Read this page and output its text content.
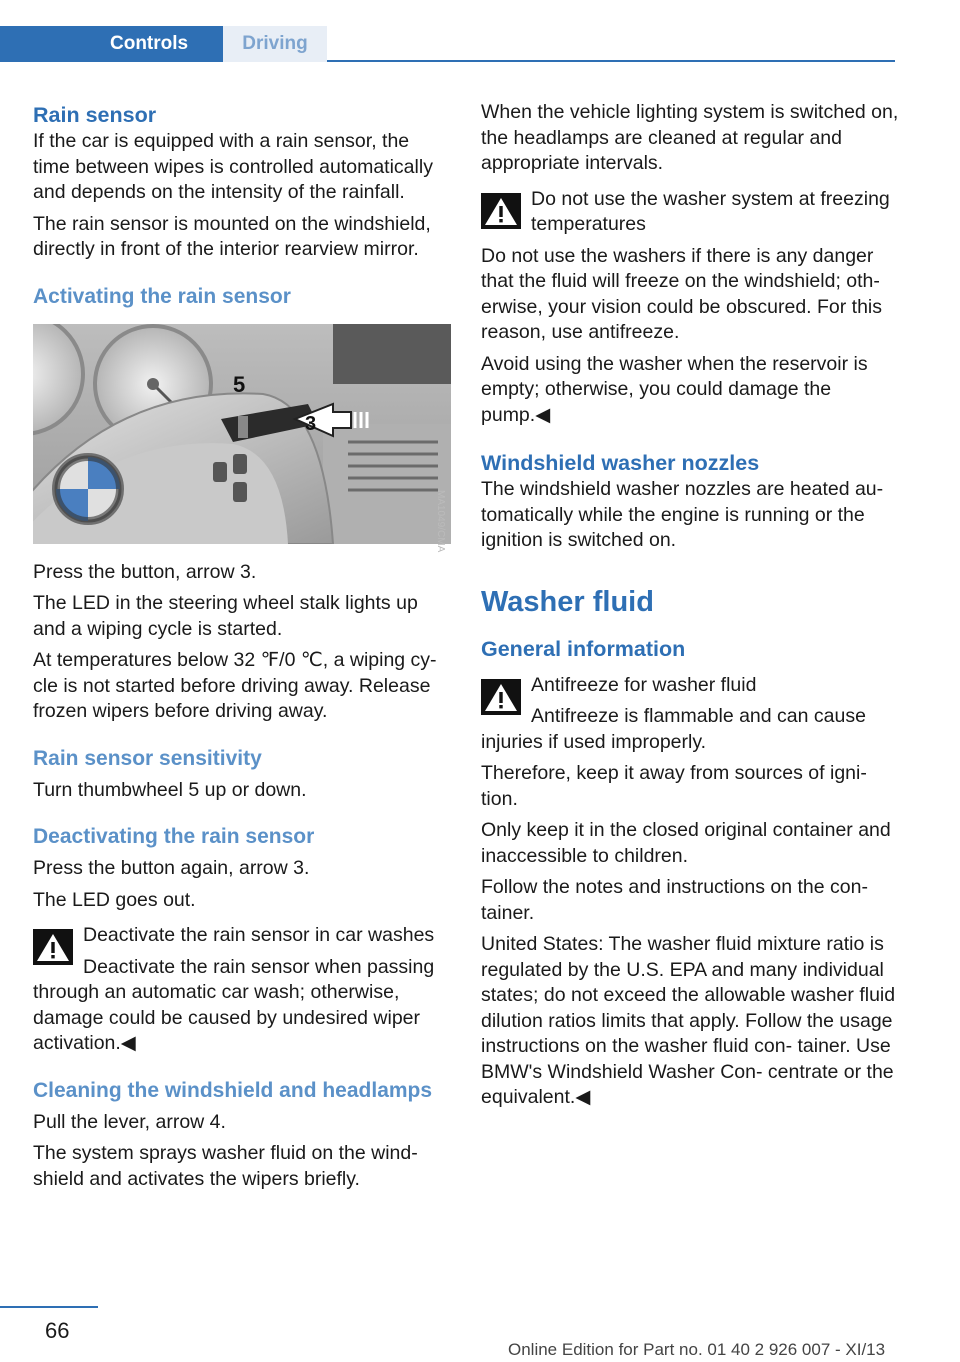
Controls	Driving
Rain sensor

If the car is equipped with a rain sensor, the time between wipes is controlled automatically and depends on the intensity of the rainfall.

The rain sensor is mounted on the windshield, directly in front of the interior rearview mirror.

Activating the rain sensor
5
3

Press the button, arrow 3.

The LED in the steering wheel stalk lights up and a wiping cycle is started.

At temperatures below 32 ℉/0 ℃, a wiping cy‐ cle is not started before driving away. Release frozen wipers before driving away.

Rain sensor sensitivity

Turn thumbwheel 5 up or down.

Deactivating the rain sensor

Press the button again, arrow 3.

The LED goes out.

Deactivate the rain sensor in car washes
Deactivate the rain sensor when passing through an automatic car wash; otherwise, damage could be caused by undesired wiper activation.◀
Cleaning the windshield and headlamps

Pull the lever, arrow 4.

The system sprays washer fluid on the wind‐ shield and activates the wipers briefly.

MA1049/CMA

When the vehicle lighting system is switched on, the headlamps are cleaned at regular and appropriate intervals.

Do not use the washer system at freezing temperatures

Do not use the washers if there is any danger that the fluid will freeze on the windshield; oth‐ erwise, your vision could be obscured. For this reason, use antifreeze.

Avoid using the washer when the reservoir is empty; otherwise, you could damage the pump.◀

Windshield washer nozzles

The windshield washer nozzles are heated au‐ tomatically while the engine is running or the ignition is switched on.

Washer fluid
General information
Antifreeze for washer fluid
Antifreeze is flammable and can cause injuries if used improperly.

Therefore, keep it away from sources of igni‐ tion.

Only keep it in the closed original container and inaccessible to children.

Follow the notes and instructions on the con‐ tainer.

United States: The washer fluid mixture ratio is regulated by the U.S. EPA and many individual states; do not exceed the allowable washer fluid dilution ratios limits that apply. Follow the usage instructions on the washer fluid con‐ tainer. Use BMW's Windshield Washer Con‐ centrate or the equivalent.◀

66
Online Edition for Part no. 01 40 2 926 007 - XI/13
